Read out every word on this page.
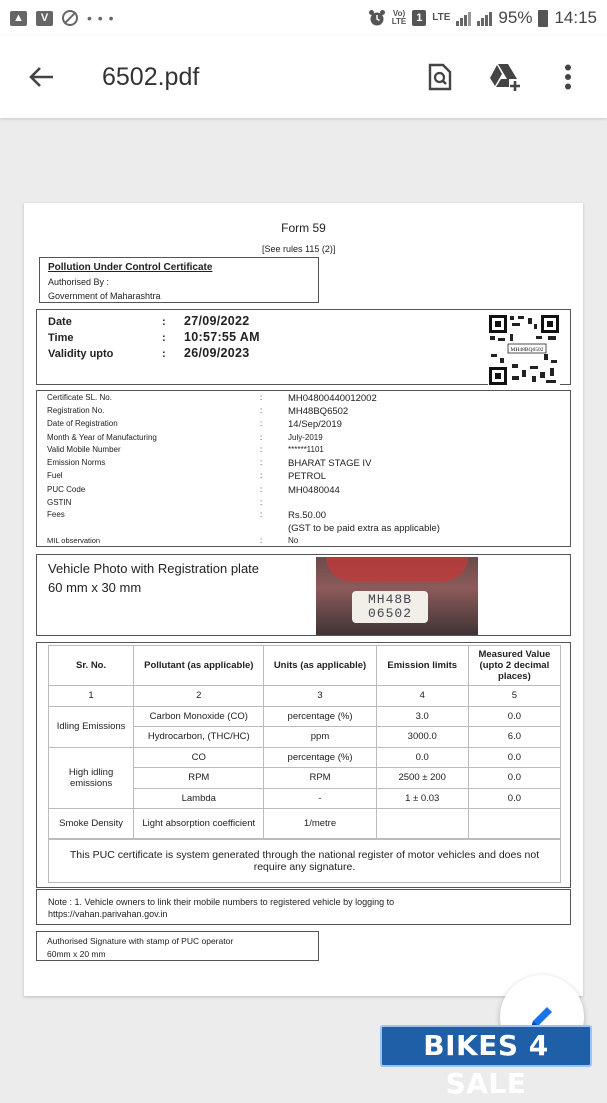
▲	V	• • •	Vo)
LTE 1 LTE	95% 14:15
6502.pdf
Form 59
[See rules 115 (2)]
Pollution Under Control Certificate
Authorised By :
Government of Maharashtra
Date	: 27/09/2022
Time	: 10:57:55 AM
Validity upto	: 26/09/2023	MH48BQ6502
Certificate SL. No.	:	MH04800440012002
Registration No.	:	MH48BQ6502
Date of Registration	:	14/Sep/2019
Month & Year of Manufacturing	:	July-2019
Valid Mobile Number	:	******1101
Emission Norms	:	BHARAT STAGE IV
Fuel	:	PETROL
PUC Code	:	MH0480044
GSTIN	:
Fees	:	Rs.50.00
(GST to be paid extra as applicable)
MIL observation	:	No
Vehicle Photo with Registration plate
60 mm x 30 mm
MH48B
06502
Sr. No.	Pollutant (as applicable)	Units (as applicable)	Emission limits	Measured Value (upto 2 decimal places)
1	2	3	4	5
Idling Emissions	Carbon Monoxide (CO)	percentage (%)	3.0	0.0
	Hydrocarbon, (THC/HC)	ppm	3000.0	6.0
High idling emissions	CO	percentage (%)	0.0	0.0
	RPM	RPM	2500 ± 200	0.0
	Lambda	-	1 ± 0.03	0.0
Smoke Density	Light absorption coefficient	1/metre		
This PUC certificate is system generated through the national register of motor vehicles and does not require any signature.
Note : 1. Vehicle owners to link their mobile numbers to registered vehicle by logging to
https://vahan.parivahan.gov.in
Authorised Signature with stamp of PUC operator
60mm x 20 mm
BIKES 4 SALE
